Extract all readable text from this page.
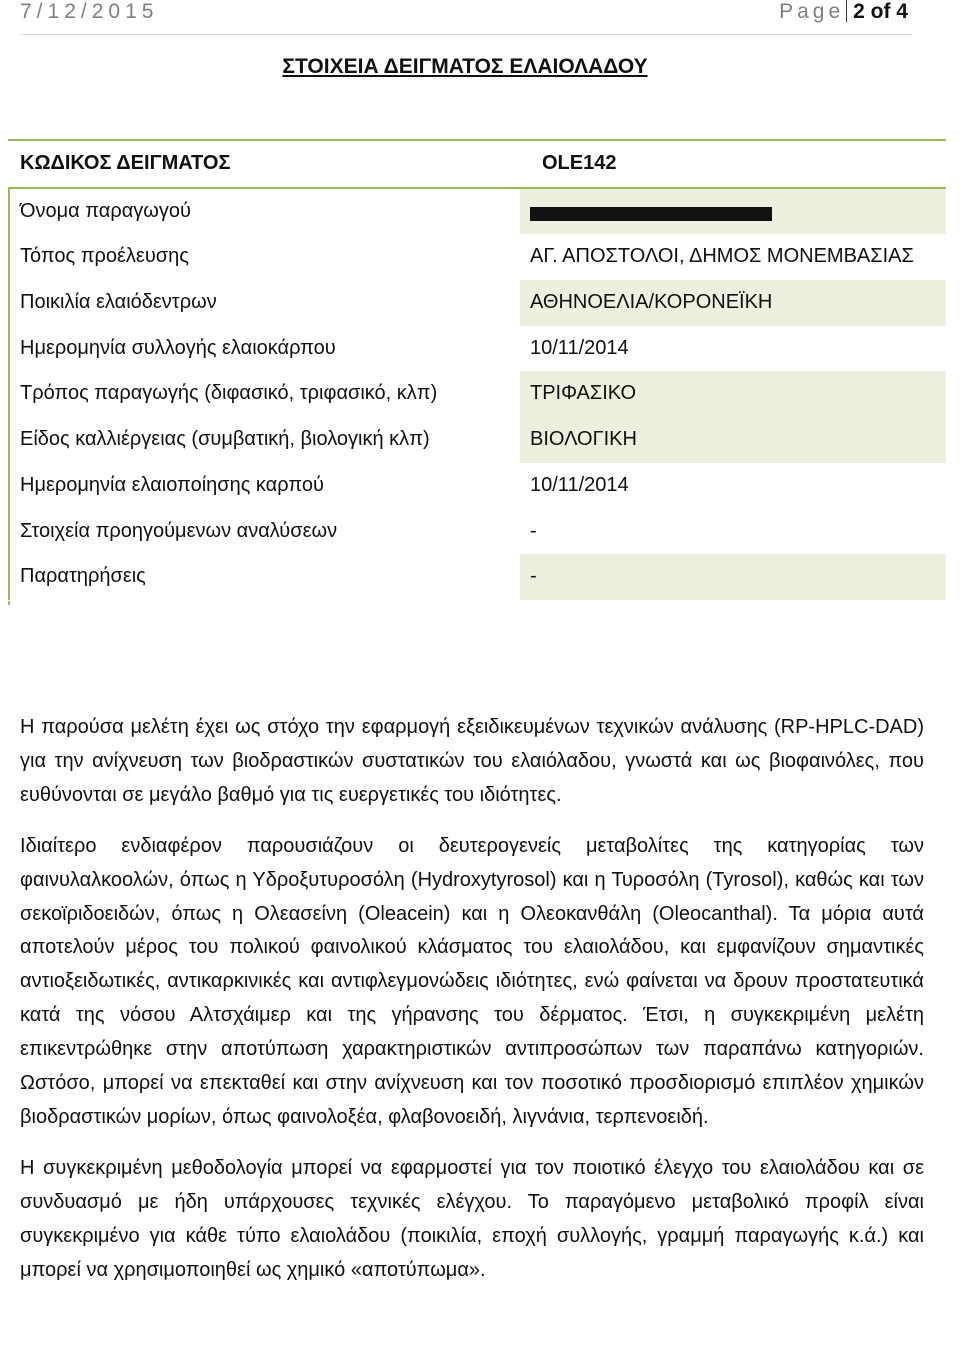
7/12/2015	Page 2 of 4
ΣΤΟΙΧΕΙΑ ΔΕΙΓΜΑΤΟΣ ΕΛΑΙΟΛΑΔΟΥ
ΚΩΔΙΚΟΣ ΔΕΙΓΜΑΤΟΣ	OLE142
Όνομα παραγωγού
Τόπος προέλευσης	ΑΓ. ΑΠΟΣΤΟΛΟΙ, ΔΗΜΟΣ ΜΟΝΕΜΒΑΣΙΑΣ
Ποικιλία ελαιόδεντρων	ΑΘΗΝΟΕΛΙΑ/ΚΟΡΟΝΕΪΚΗ
Ημερομηνία συλλογής ελαιοκάρπου	10/11/2014
Τρόπος παραγωγής (διφασικό, τριφασικό, κλπ)	ΤΡΙΦΑΣΙΚΟ
Είδος καλλιέργειας (συμβατική, βιολογική κλπ)	ΒΙΟΛΟΓΙΚΗ
Ημερομηνία ελαιοποίησης καρπού	10/11/2014
Στοιχεία προηγούμενων αναλύσεων	-
Παρατηρήσεις	-

Η παρούσα μελέτη έχει ως στόχο την εφαρμογή εξειδικευμένων τεχνικών ανάλυσης (RP-HPLC-DAD) για την ανίχνευση των βιοδραστικών συστατικών του ελαιόλαδου, γνωστά και ως βιοφαινόλες, που ευθύνονται σε μεγάλο βαθμό για τις ευεργετικές του ιδιότητες.

Ιδιαίτερο ενδιαφέρον παρουσιάζουν οι δευτερογενείς μεταβολίτες της κατηγορίας των φαινυλαλκοολών, όπως η Υδροξυτυροσόλη (Hydroxytyrosol) και η Τυροσόλη (Tyrosol), καθώς και των σεκοϊριδοειδών, όπως η Ολεασείνη (Oleacein) και η Ολεοκανθάλη (Oleocanthal). Τα μόρια αυτά αποτελούν μέρος του πολικού φαινολικού κλάσματος του ελαιολάδου, και εμφανίζουν σημαντικές αντιοξειδωτικές, αντικαρκινικές και αντιφλεγμονώδεις ιδιότητες, ενώ φαίνεται να δρουν προστατευτικά κατά της νόσου Αλτσχάιμερ και της γήρανσης του δέρματος. Έτσι, η συγκεκριμένη μελέτη επικεντρώθηκε στην αποτύπωση χαρακτηριστικών αντιπροσώπων των παραπάνω κατηγοριών. Ωστόσο, μπορεί να επεκταθεί και στην ανίχνευση και τον ποσοτικό προσδιορισμό επιπλέον χημικών βιοδραστικών μορίων, όπως φαινολοξέα, φλαβονοειδή, λιγνάνια, τερπενοειδή.

Η συγκεκριμένη μεθοδολογία μπορεί να εφαρμοστεί για τον ποιοτικό έλεγχο του ελαιολάδου και σε συνδυασμό με ήδη υπάρχουσες τεχνικές ελέγχου. Το παραγόμενο μεταβολικό προφίλ είναι συγκεκριμένο για κάθε τύπο ελαιολάδου (ποικιλία, εποχή συλλογής, γραμμή παραγωγής κ.ά.) και μπορεί να χρησιμοποιηθεί ως χημικό «αποτύπωμα».
